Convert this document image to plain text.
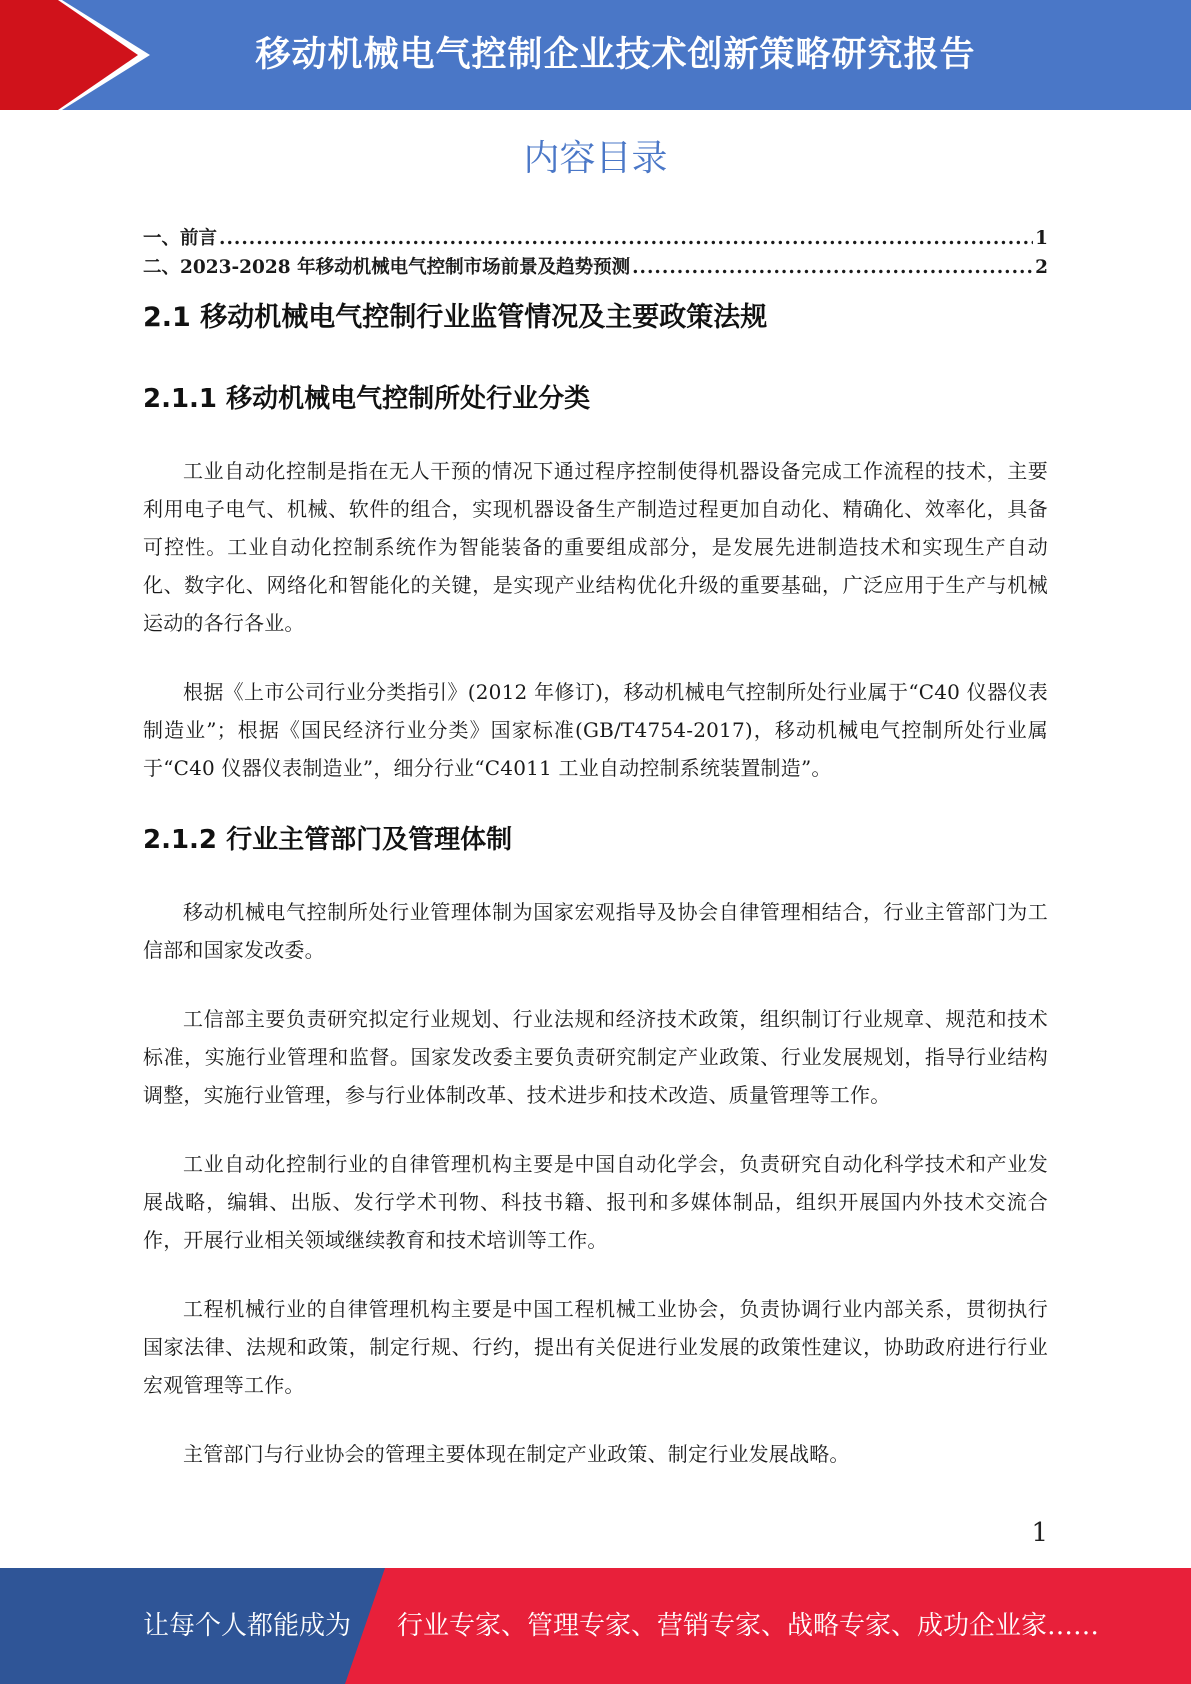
移动机械电气控制企业技术创新策略研究报告
内容目录
一、前言 .....	1
二、2023-2028 年移动机械电气控制市场前景及趋势预测 .....	2
2.1 移动机械电气控制行业监管情况及主要政策法规
2.1.1 移动机械电气控制所处行业分类

工业自动化控制是指在无人干预的情况下通过程序控制使得机器设备完成工作流程的技术，主要利用电子电气、机械、软件的组合，实现机器设备生产制造过程更加自动化、精确化、效率化，具备可控性。工业自动化控制系统作为智能装备的重要组成部分，是发展先进制造技术和实现生产自动化、数字化、网络化和智能化的关键，是实现产业结构优化升级的重要基础，广泛应用于生产与机械运动的各行各业。

根据《上市公司行业分类指引》(2012 年修订)，移动机械电气控制所处行业属于“C40 仪器仪表制造业”；根据《国民经济行业分类》国家标准(GB/T4754-2017)，移动机械电气控制所处行业属于“C40 仪器仪表制造业”，细分行业“C4011 工业自动控制系统装置制造”。

2.1.2 行业主管部门及管理体制

移动机械电气控制所处行业管理体制为国家宏观指导及协会自律管理相结合，行业主管部门为工信部和国家发改委。

工信部主要负责研究拟定行业规划、行业法规和经济技术政策，组织制订行业规章、规范和技术标准，实施行业管理和监督。国家发改委主要负责研究制定产业政策、行业发展规划，指导行业结构调整，实施行业管理，参与行业体制改革、技术进步和技术改造、质量管理等工作。

工业自动化控制行业的自律管理机构主要是中国自动化学会，负责研究自动化科学技术和产业发展战略，编辑、出版、发行学术刊物、科技书籍、报刊和多媒体制品，组织开展国内外技术交流合作，开展行业相关领域继续教育和技术培训等工作。

工程机械行业的自律管理机构主要是中国工程机械工业协会，负责协调行业内部关系，贯彻执行国家法律、法规和政策，制定行规、行约，提出有关促进行业发展的政策性建议，协助政府进行行业宏观管理等工作。

主管部门与行业协会的管理主要体现在制定产业政策、制定行业发展战略。

1
让每个人都能成为 行业专家、管理专家、营销专家、战略专家、成功企业家……
